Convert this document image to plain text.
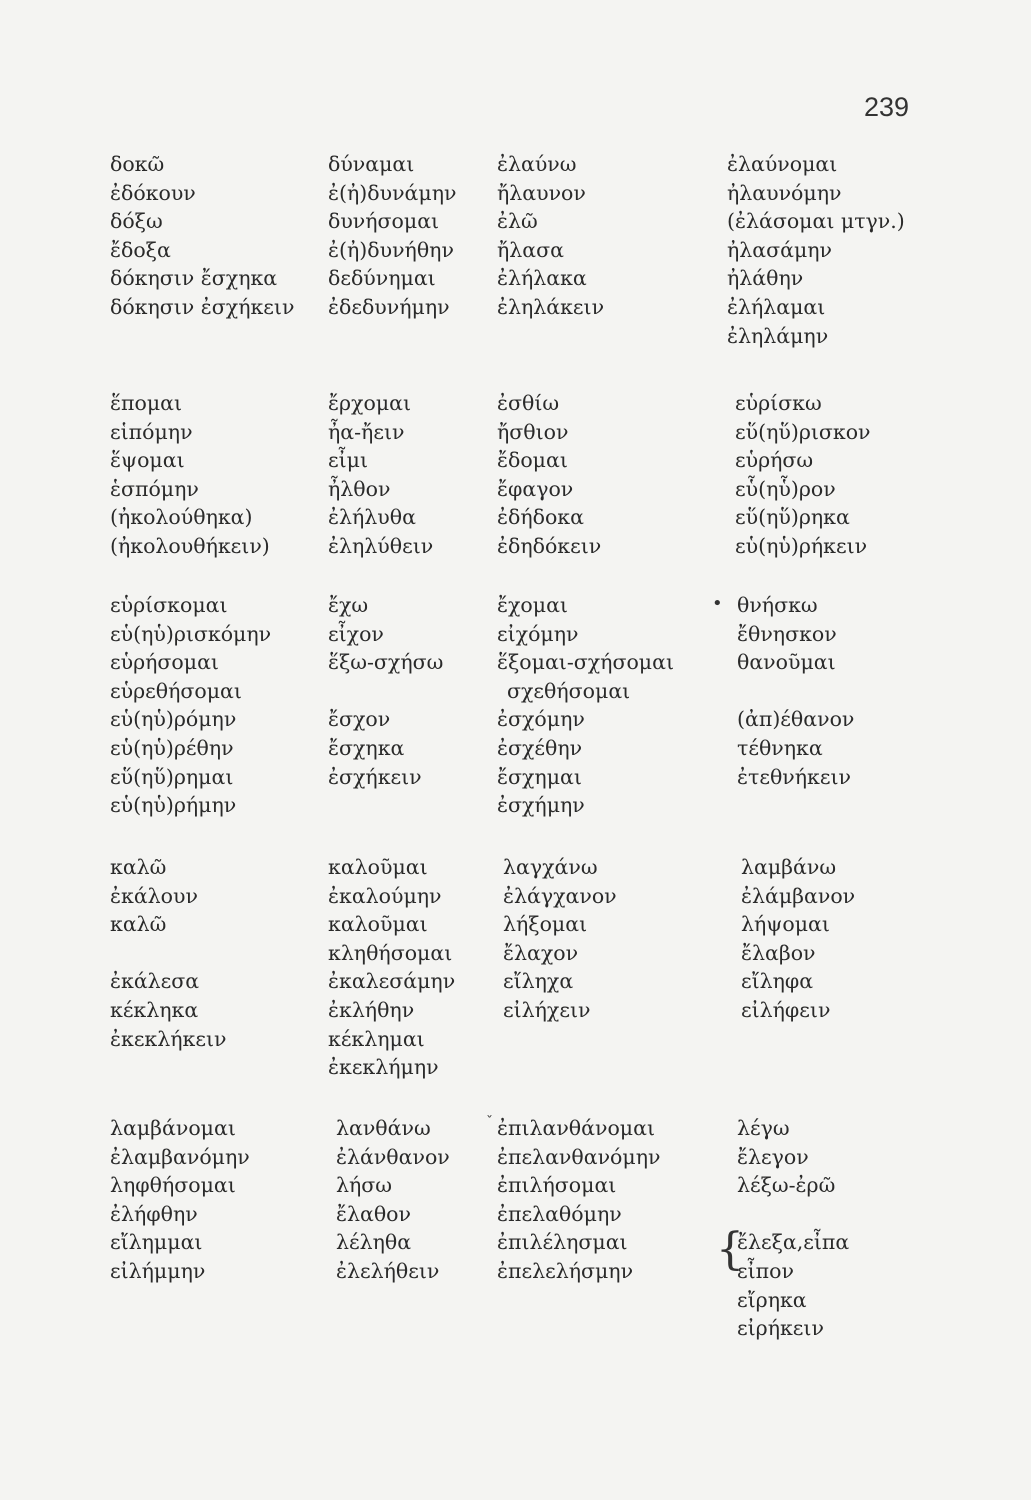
239
δοκῶ
ἐδόκουν
δόξω
ἔδοξα
δόκησιν ἔσχηκα
δόκησιν ἐσχήκειν
δύναμαι
ἐ(ἠ)δυνάμην
δυνήσομαι
ἐ(ἠ)δυνήθην
δεδύνημαι
ἐδεδυνήμην
ἐλαύνω
ἤλαυνον
ἐλῶ
ἤλασα
ἐλήλακα
ἐληλάκειν
ἐλαύνομαι
ἠλαυνόμην
(ἐλάσομαι μτγν.)
ἠλασάμην
ἠλάθην
ἐλήλαμαι
ἐληλάμην
ἕπομαι
εἱπόμην
ἕψομαι
ἑσπόμην
(ἠκολούθηκα)
(ἠκολουθήκειν)
ἔρχομαι
ἦα-ἤειν
εἶμι
ἦλθον
ἐλήλυθα
ἐληλύθειν
ἐσθίω
ἤσθιον
ἔδομαι
ἔφαγον
ἐδήδοκα
ἐδηδόκειν
εὑρίσκω
εὕ(ηὕ)ρισκον
εὑρήσω
εὗ(ηὗ)ρον
εὕ(ηὕ)ρηκα
εὑ(ηὑ)ρήκειν
εὑρίσκομαι
εὑ(ηὑ)ρισκόμην
εὑρήσομαι
εὑρεθήσομαι
εὑ(ηὑ)ρόμην
εὑ(ηὑ)ρέθην
εὕ(ηὕ)ρημαι
εὑ(ηὑ)ρήμην
ἔχω
εἶχον
ἕξω-σχήσω
ἔσχον
ἔσχηκα
ἐσχήκειν
ἔχομαι
εἰχόμην
ἕξομαι-σχήσομαι
σχεθήσομαι
ἐσχόμην
ἐσχέθην
ἔσχημαι
ἐσχήμην
• θνήσκω
ἔθνησκον
θανοῦμαι
(ἀπ)έθανον
τέθνηκα
ἐτεθνήκειν
καλῶ
ἐκάλουν
καλῶ
ἐκάλεσα
κέκληκα
ἐκεκλήκειν
καλοῦμαι
ἐκαλούμην
καλοῦμαι
κληθήσομαι
ἐκαλεσάμην
ἐκλήθην
κέκλημαι
ἐκεκλήμην
λαγχάνω
ἐλάγχανον
λήξομαι
ἔλαχον
εἴληχα
εἰλήχειν
λαμβάνω
ἐλάμβανον
λήψομαι
ἔλαβον
εἴληφα
εἰλήφειν
λαμβάνομαι
ἐλαμβανόμην
ληφθήσομαι
ἐλήφθην
εἴλημμαι
εἰλήμμην
λανθάνω
ἐλάνθανον
λήσω
ἔλαθον
λέληθα
ἐλελήθειν
ˇ ἐπιλανθάνομαι
ἐπελανθανόμην
ἐπιλήσομαι
ἐπελαθόμην
ἐπιλέλησμαι
ἐπελελήσμην	{
λέγω
ἔλεγον
λέξω-ἐρῶ
ἔλεξα,εἶπα
εἶπον
εἴρηκα
εἰρήκειν
